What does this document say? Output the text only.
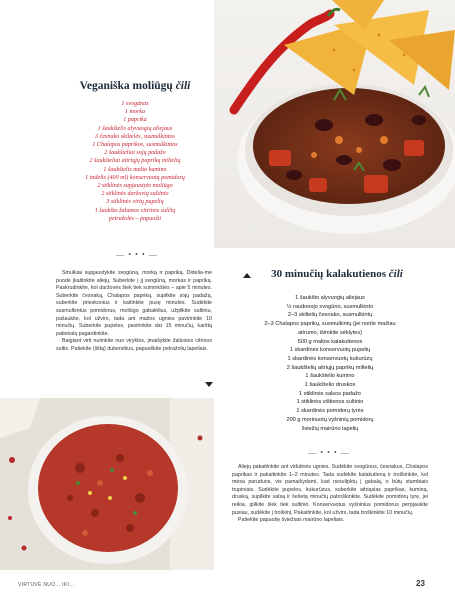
Veganiška moliūgų čili
1 svogūnas
1 morka
1 paprika
1 šaukštelis alyvuogių aliejaus
3 česnako skiltelės, susmulkintos
1 Chalapos paprikos, susmulkintos
2 šaukšteliai sojų padažo
2 šaukšteliai aitriųjų paprikų miltelių
1 šaukštelis malto kumino
1 indelis (400 ml) konservuotų pomidorų
2 stiklinės supjaustyto moliūgo
2 stiklinės daržovių sultinio
3 stiklinės virtų pupelių
1 šaukšto žalumos citrinos sulčių
petražolės – papuošti
— • • • —

Smulkiai supjaustykite svogūną, morką ir papriką. Didelia-me puode įkaitinkite aliejų. Suberkite į jį svogūną, morkas ir papriką. Paskrudinkite, kol daržovės šiek tiek suminkštės – apie 5 minutes. Suberkite česnaką, Chalapos papriką, supilkite sojų padažą, suberkite prieskonius ir kaitinkite pusę minutės. Sudėkite susmulkintus pomidorus, moliūgo gabalėlius, užpilkite sultiniu, pašaukite, kol užvirs, tada ant mažos ugnies pavirinkite 10 minučių. Suberkite pupeles, pavirinkite dar 15 minučių, karštą patiekalą pagardinkite.

Baigiant virti nuimkite nuo viryklės, įmaišykite žaliosios citrinos sultis. Patiekite (šiltą) dubenėlius, papuoškite petražolių lapeliais.

30 minučių kalakutienos čili
1 šaukšto alyvuogių aliejaus
½ raudonojo svogūno, susmulkinto
2–3 skiltelių česnako, susmulkintų
2–3 Chalapos paprikų, susmulkintų (jei norite mažiau
aitrumo, išimkite sėklytes)
500 g maltos kalakutienos
1 skardinės konservuotų pupelių
1 skardinės konservuotų kukurūzų
2 šaukštelių aitriųjų paprikų miltelių
1 šaukštelio kumino
1 šaukštelio druskos
1 stiklinės salsos padažo
1 stiklinės vištienos sultinio
1 skardinės pomidorų tyrės
200 g morinuotų vyšninių pomidorų
šviežių mairūno lapelių
— • • • —

Aliejų pakaitinkite ant vidutinės ugnies. Sudėkite svogūnus, česnakus, Chalapos paprikas ir pakaitinkite 1–2 minutes. Tada sudėkite kalakutieną ir troškinkite, kol mėsa paruduos, vis pamaišydami, kad nesulipktų į gabalą, o būtų stambiais trupiniais. Sudėkite pupeles, kukurūzus, suberkite aitriąsias paprikas, kuminą, druską, supilkite salsą ir šešetą minučių patroškinkite. Sudėkite pomidorų tyrę, jei reikia, įpilkite šiek tiek sultinio. Konservuotus vyšninius pomidorus perpjaukite pusiau, sudėkite į troškinį. Pakaitinkite, kol užvirs, tada troškinkite 10 minučių.

Patiekite papuošę šviežiais mairūno lapeliais.

VIRTUVĖ NUO... IKI...	23
